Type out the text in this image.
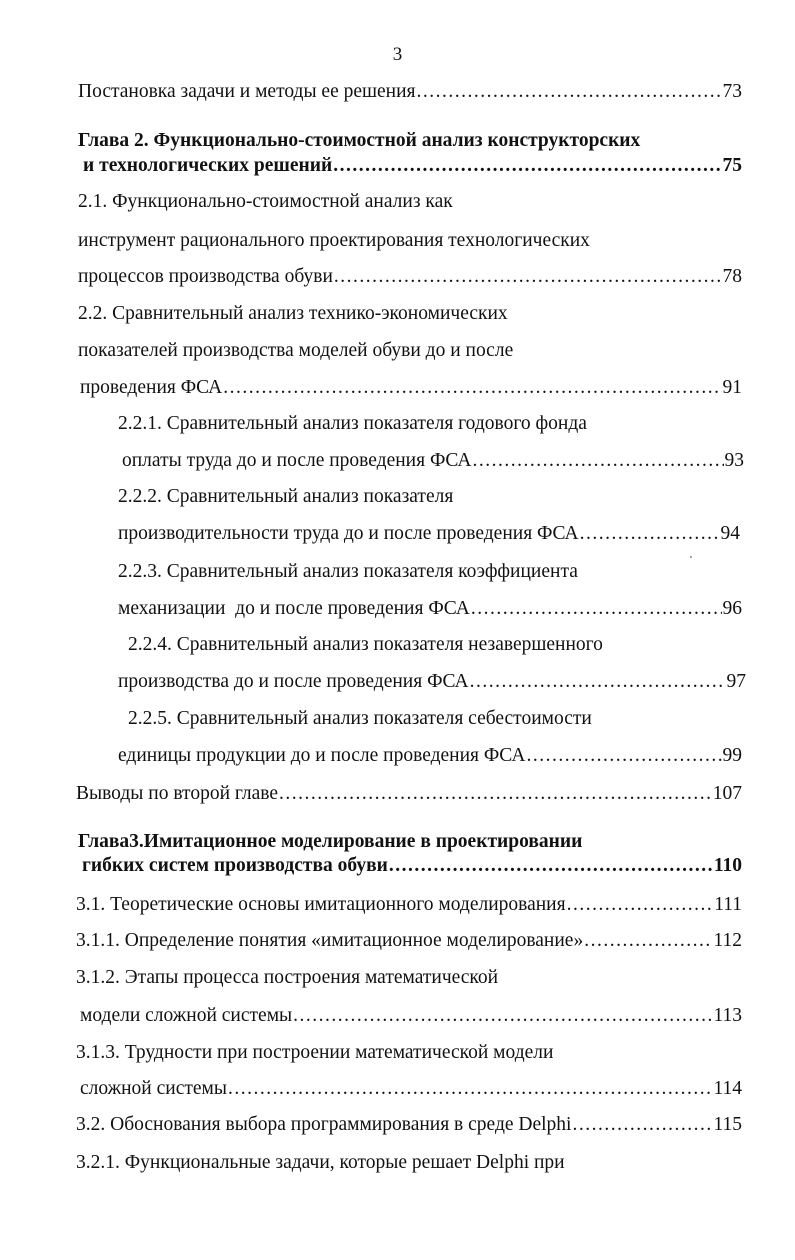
3
Постановка задачи и методы ее решения .....	73
Глава 2. Функционально-стоимостной анализ конструкторских
и технологических решений .....	75
2.1. Функционально-стоимостной анализ как
инструмент рационального проектирования технологических
процессов производства обуви .....	78
2.2. Сравнительный анализ технико-экономических
показателей производства моделей обуви до и после
проведения ФСА .....	91
2.2.1. Сравнительный анализ показателя годового фонда
оплаты труда до и после проведения ФСА .....	93
2.2.2. Сравнительный анализ показателя
производительности труда до и после проведения ФСА .....	94
2.2.3. Сравнительный анализ показателя коэффициента
механизации  до и после проведения ФСА .....	96
2.2.4. Сравнительный анализ показателя незавершенного
производства до и после проведения ФСА .....	97
2.2.5. Сравнительный анализ показателя себестоимости
единицы продукции до и после проведения ФСА .....	99
Выводы по второй главе .....	107
Глава3.Имитационное моделирование в проектировании
гибких систем производства обуви .....	110
3.1. Теоретические основы имитационного моделирования .....	111
3.1.1. Определение понятия «имитационное моделирование» .....	112
3.1.2. Этапы процесса построения математической
модели сложной системы .....	113
3.1.3. Трудности при построении математической модели
сложной системы .....	114
3.2. Обоснования выбора программирования в среде Delphi .....	115
3.2.1. Функциональные задачи, которые решает Delphi при
